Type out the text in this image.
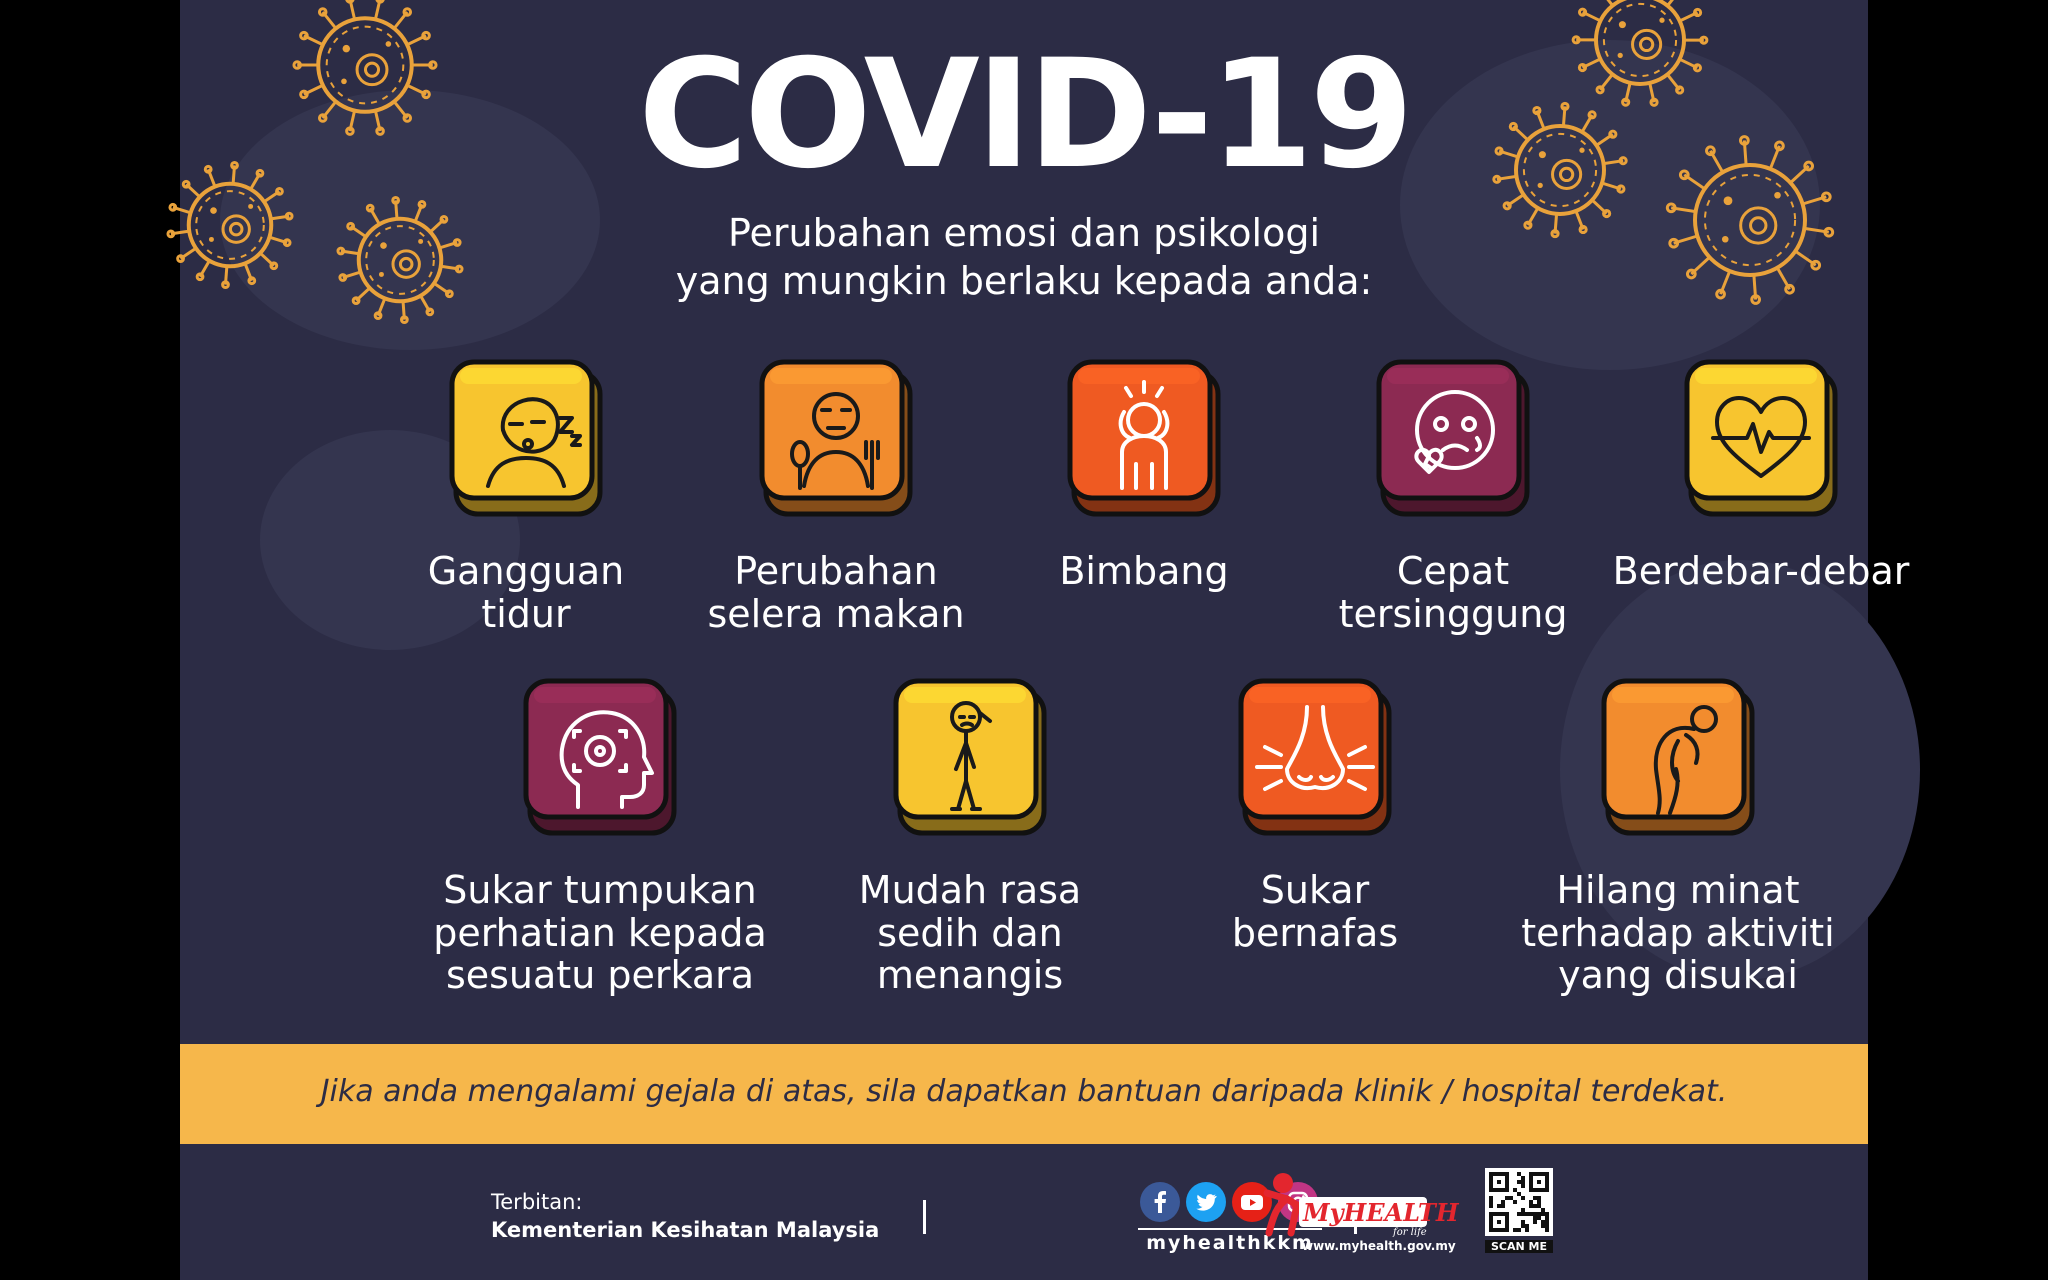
COVID-19
Perubahan emosi dan psikologi
yang mungkin berlaku kepada anda:
Gangguan
tidur
Perubahan
selera makan
Bimbang	Cepat
tersinggung
Berdebar-debar
Sukar tumpukan
perhatian kepada
sesuatu perkara
Mudah rasa
sedih dan
menangis
Sukar
bernafas
Hilang minat
terhadap aktiviti
yang disukai
Jika anda mengalami gejala di atas, sila dapatkan bantuan daripada klinik / hospital terdekat.
Terbitan:
Kementerian Kesihatan Malaysia
myhealthkkm
MyHEALTH
for life
www.myhealth.gov.my	SCAN ME
